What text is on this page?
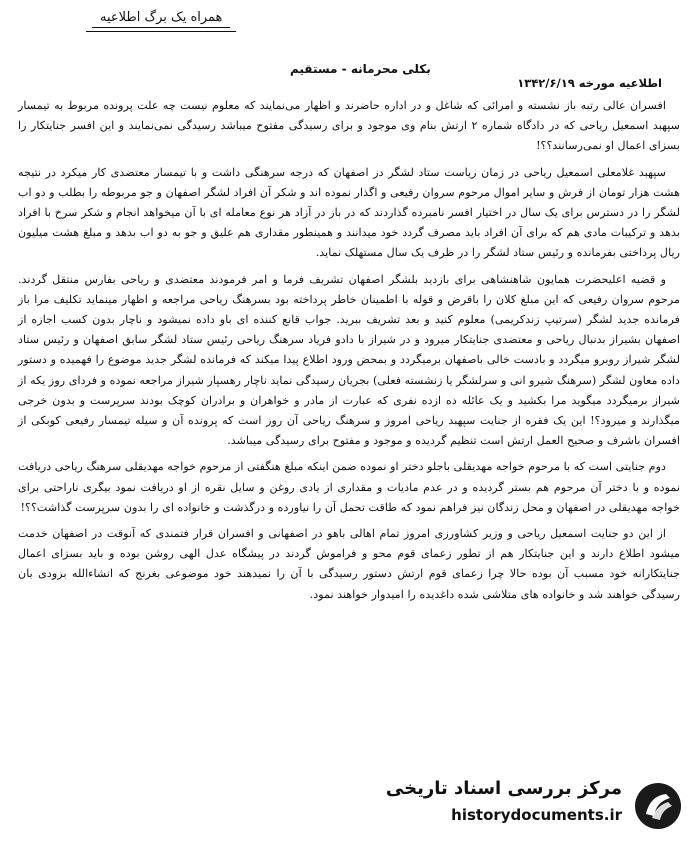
همراه یک برگ اطلاعیه
بکلی محرمانه - مستقیم
اطلاعیه مورخه ۱۳۴۲/۶/۱۹

افسران عالی رتبه باز نشسته و امرائی که شاغل و در اداره حاضرند و اظهار می‌نمایند که معلوم نیست چه علت پرونده مربوط به تیمسار سپهبد اسمعیل ریاحی که در دادگاه شماره ۲ ارتش بنام وی موجود و برای رسیدگی مفتوح میباشد رسیدگی نمی‌نمایند و این افسر جنایتکار را بسزای اعمال او نمی‌رسانند؟؟!

سپهبد غلامعلی اسمعیل ریاحی در زمان ریاست ستاد لشگر در اصفهان که درجه سرهنگی داشت و با تیمسار معتضدی کار میکرد در نتیجه هشت هزار تومان از فرش و سایر اموال مرحوم سروان رفیعی و اگذار نموده اند و شکر آن افراد لشگر اصفهان و جو مربوطه را بطلب و دو اب لشگر را در دسترس برای یک سال در اختیار افسر نامبرده گذاردند که در باز در آزاد هر نوع معامله ای با آن میخواهد انجام و شکر سرخ با افراد بدهد و ترکیبات مادی هم که برای آن افراد باید مصرف گردد خود میدانند و همینطور مقداری هم علیق و جو به دو اب بدهد و مبلغ هشت میلیون ریال پرداختی بفرمانده و رئیس ستاد لشگر را در ظرف یک سال مستهلک نماید.

و قضیه اعلیحضرت همایون شاهنشاهی برای بازدید بلشگر اصفهان تشریف فرما و امر فرمودند معتضدی و ریاحی بفارس منتقل گردند. مرحوم سروان رفیعی که این مبلغ کلان را باقرض و قوله با اطمینان خاطر پرداخته بود بسرهنگ ریاحی مراجعه و اظهار مینماید تکلیف مرا باز فرمانده جدید لشگر (سرتیپ زندکریمی) معلوم کنید و بعد تشریف ببرید. جواب قانع کننده ای باو داده نمیشود و ناچار بدون کسب اجازه از اصفهان بشیراز بدنبال ریاحی و معتضدی جنایتکار میرود و در شیراز با دادو فریاد سرهنگ ریاحی رئیس ستاد لشگر سابق اصفهان و رئیس ستاد لشگر شیراز روبرو میگردد و بادست خالی باصفهان برمیگردد و بمحض ورود اطلاع پیدا میکند که فرمانده لشگر جدید موضوع را فهمیده و دستور داده معاون لشگر (سرهنگ شیرو انی و سرلشگر یا زنشسته فعلی) بجریان رسیدگی نماید ناچار رهسپار شیراز مراجعه نموده و فردای روز یکه از شیراز برمیگردد میگوید مرا بکشید و یک عائله ده ازده نفری که عبارت از مادر و خواهران و برادران کوچک بودند سرپرست و بدون خرجی میگذارند و میرود؟! این یک فقره از جنایت سپهبد ریاحی امروز و سرهنگ ریاحی آن روز است که پرونده آن و سیله تیمسار رفیعی کوبکی از افسران باشرف و صحیح العمل ارتش است تنظیم گردیده و موجود و مفتوح برای رسیدگی میباشد.

دوم جنایتی است که با مرحوم خواجه مهدیقلی باجلو دختر او نموده ضمن اینکه مبلغ هنگفتی از مرحوم خواجه مهدیقلی سرهنگ ریاحی دریافت نموده و با دختر آن مرحوم هم بستر گردیده و در عدم مادیات و مقداری از یادی روغن و سایل نقره از او دریافت نمود بیگری ناراحتی برای خواجه مهدیقلی در اصفهان و محل زندگان نیز فراهم نمود که طاقت تحمل آن را نیاورده و درگذشت و خانواده ای را بدون سرپرست گذاشت؟؟!

از این دو جنایت اسمعیل ریاحی و وزیر کشاورزی امروز تمام اهالی باهو در اصفهانی و افسران قرار فتمندی که آنوقت در اصفهان خدمت میشود اطلاع دارند و این جنایتکار هم از تطور زعمای قوم محو و فراموش گردند در پیشگاه عدل الهی روشن بوده و باید بسزای اعمال جنایتکارانه خود مسبب آن بوده حالا چرا زعمای قوم ارتش دستور رسیدگی با آن را نمیدهند خود موضوعی بغرنج که انشاءالله بزودی بان رسیدگی خواهند شد و خانواده های متلاشی شده داغدیده را امیدوار خواهند نمود.

مرکز بررسی اسناد تاریخی
historydocuments.ir
